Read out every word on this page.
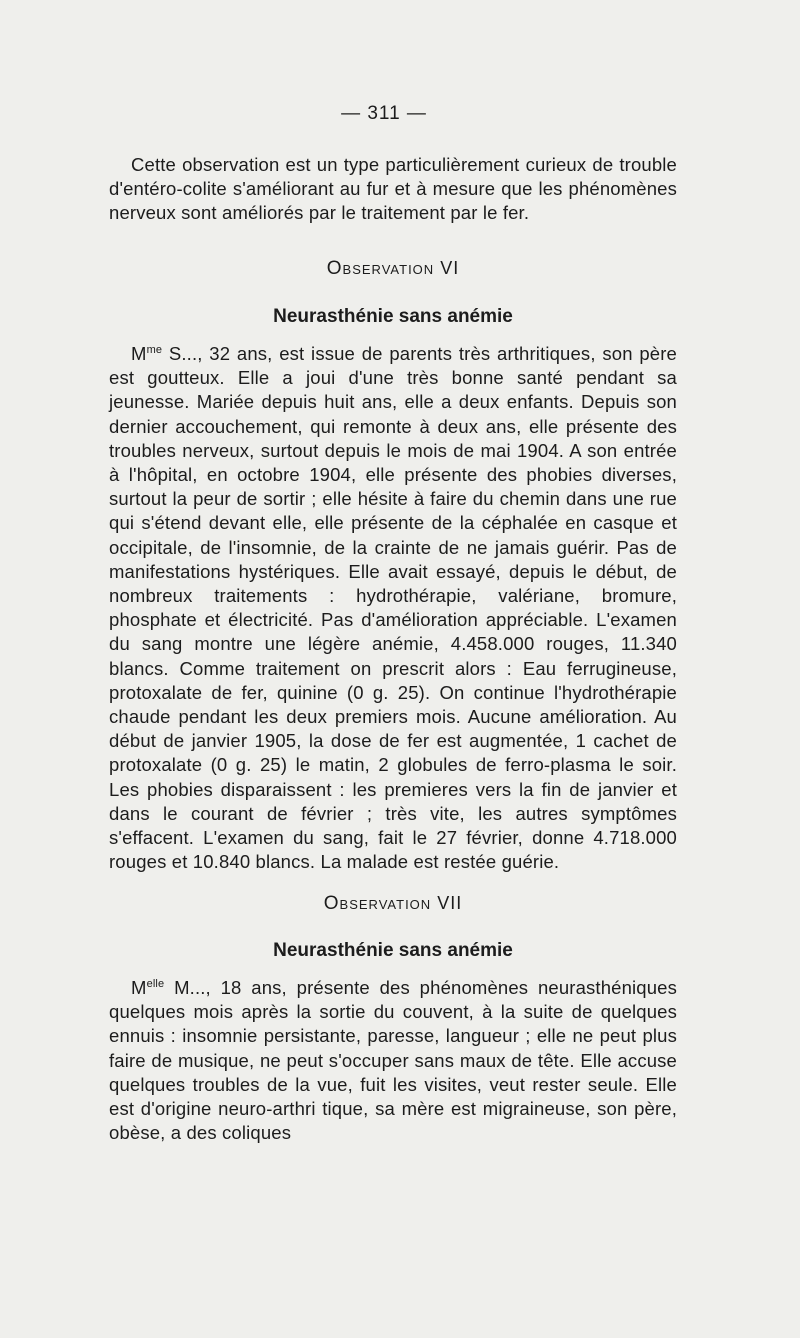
— 311 —

Cette observation est un type particulièrement curieux de trouble d'entéro-colite s'améliorant au fur et à mesure que les phénomènes nerveux sont améliorés par le traitement par le fer.

Observation VI
Neurasthénie sans anémie

$M^{me}$ S..., 32 ans, est issue de parents très arthritiques, son père est goutteux. Elle a joui d'une très bonne santé pendant sa jeunesse. Mariée depuis huit ans, elle a deux enfants. Depuis son dernier accouchement, qui remonte à deux ans, elle présente des troubles nerveux, surtout depuis le mois de mai 1904. A son entrée à l'hôpital, en octobre 1904, elle présente des phobies diverses, surtout la peur de sortir ; elle hésite à faire du chemin dans une rue qui s'étend devant elle, elle présente de la céphalée en casque et occipitale, de l'insomnie, de la crainte de ne jamais guérir. Pas de manifestations hystériques. Elle avait essayé, depuis le début, de nombreux traitements : hydrothérapie, valériane, bromure, phosphate et électricité. Pas d'amélioration appréciable. L'examen du sang montre une légère anémie, 4.458.000 rouges, 11.340 blancs. Comme traitement on prescrit alors : Eau ferrugineuse, protoxalate de fer, quinine (0 g. 25). On continue l'hydrothérapie chaude pendant les deux premiers mois. Aucune amélioration. Au début de janvier 1905, la dose de fer est augmentée, 1 cachet de protoxalate (0 g. 25) le matin, 2 globules de ferro-plasma le soir. Les phobies disparaissent : les premieres vers la fin de janvier et dans le courant de février ; très vite, les autres symptômes s'effacent. L'examen du sang, fait le 27 février, donne 4.718.000 rouges et 10.840 blancs. La malade est restée guérie.

Observation VII
Neurasthénie sans anémie

$M^{elle}$ M..., 18 ans, présente des phénomènes neurasthéniques quelques mois après la sortie du couvent, à la suite de quelques ennuis : insomnie persistante, paresse, langueur ; elle ne peut plus faire de musique, ne peut s'occuper sans maux de tête. Elle accuse quelques troubles de la vue, fuit les visites, veut rester seule. Elle est d'origine neuro-arthri tique, sa mère est migraineuse, son père, obèse, a des coliques
